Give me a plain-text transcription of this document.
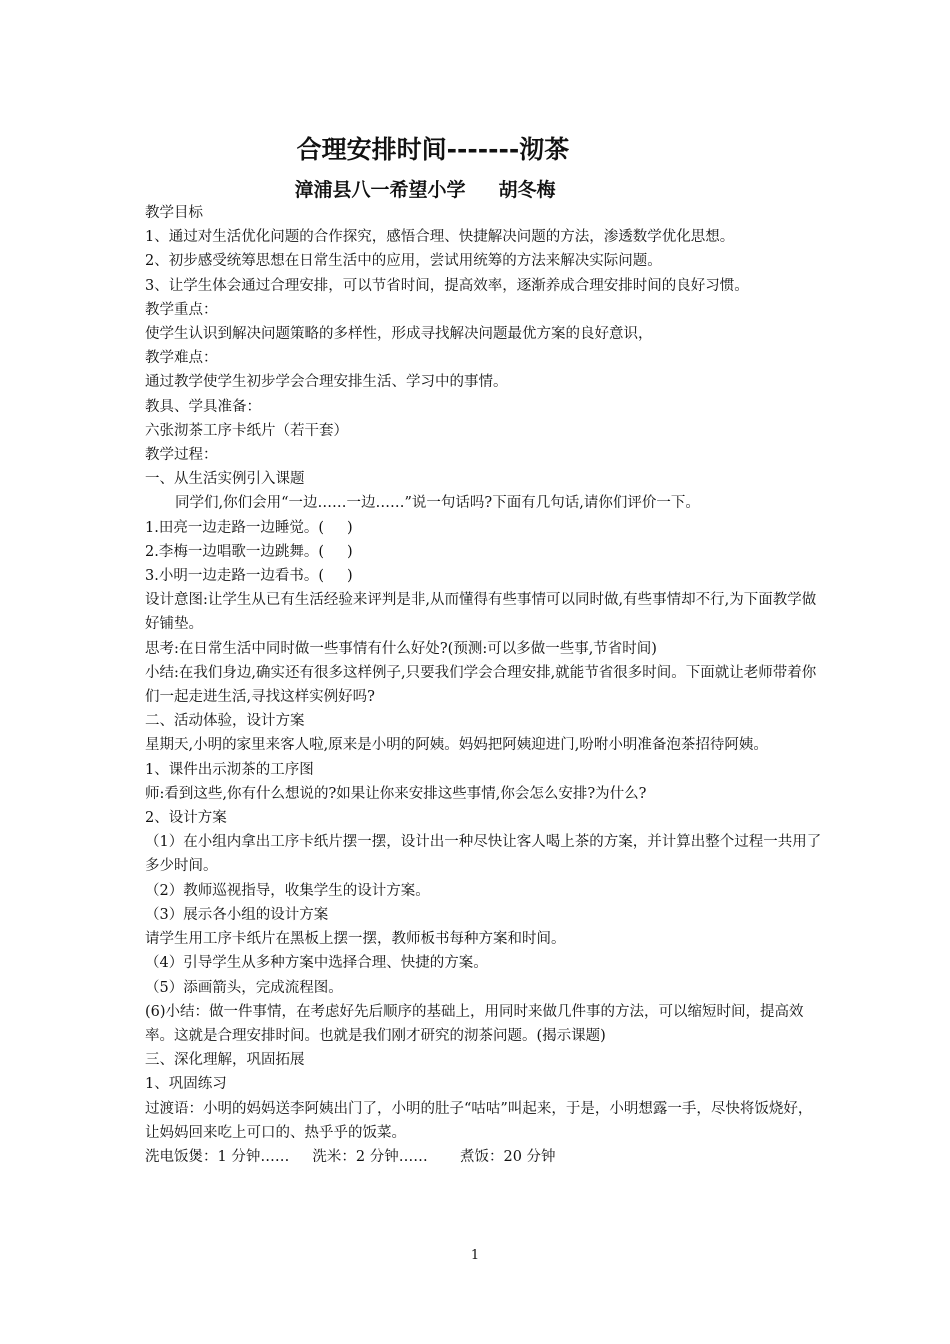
合理安排时间-------沏茶
漳浦县八一希望小学     胡冬梅

教学目标

1、通过对生活优化问题的合作探究，感悟合理、快捷解决问题的方法，渗透数学优化思想。

2、初步感受统筹思想在日常生活中的应用，尝试用统筹的方法来解决实际问题。

3、让学生体会通过合理安排，可以节省时间，提高效率，逐渐养成合理安排时间的良好习惯。

教学重点：

使学生认识到解决问题策略的多样性，形成寻找解决问题最优方案的良好意识，

教学难点：

通过教学使学生初步学会合理安排生活、学习中的事情。

教具、学具准备：

六张沏茶工序卡纸片（若干套）

教学过程：

一、从生活实例引入课题

同学们,你们会用“一边……一边……”说一句话吗?下面有几句话,请你们评价一下。

1.田亮一边走路一边睡觉。(     )

2.李梅一边唱歌一边跳舞。(     )

3.小明一边走路一边看书。(     )

设计意图:让学生从已有生活经验来评判是非,从而懂得有些事情可以同时做,有些事情却不行,为下面教学做好铺垫。

思考:在日常生活中同时做一些事情有什么好处?(预测:可以多做一些事,节省时间)

小结:在我们身边,确实还有很多这样例子,只要我们学会合理安排,就能节省很多时间。下面就让老师带着你们一起走进生活,寻找这样实例好吗?

二、活动体验，设计方案

星期天,小明的家里来客人啦,原来是小明的阿姨。妈妈把阿姨迎进门,吩咐小明准备泡茶招待阿姨。

1、课件出示沏茶的工序图

师:看到这些,你有什么想说的?如果让你来安排这些事情,你会怎么安排?为什么?

2、设计方案

（1）在小组内拿出工序卡纸片摆一摆，设计出一种尽快让客人喝上茶的方案，并计算出整个过程一共用了多少时间。

（2）教师巡视指导，收集学生的设计方案。

（3）展示各小组的设计方案

请学生用工序卡纸片在黑板上摆一摆，教师板书每种方案和时间。

（4）引导学生从多种方案中选择合理、快捷的方案。

（5）添画箭头，完成流程图。

(6)小结：做一件事情，在考虑好先后顺序的基础上，用同时来做几件事的方法，可以缩短时间，提高效率。这就是合理安排时间。也就是我们刚才研究的沏茶问题。(揭示课题)

三、深化理解，巩固拓展

1、巩固练习

过渡语：小明的妈妈送李阿姨出门了，小明的肚子“咕咕”叫起来，于是，小明想露一手，尽快将饭烧好，让妈妈回来吃上可口的、热乎乎的饭菜。

洗电饭煲：1 分钟……     洗米：2 分钟……       煮饭：20 分钟

1
